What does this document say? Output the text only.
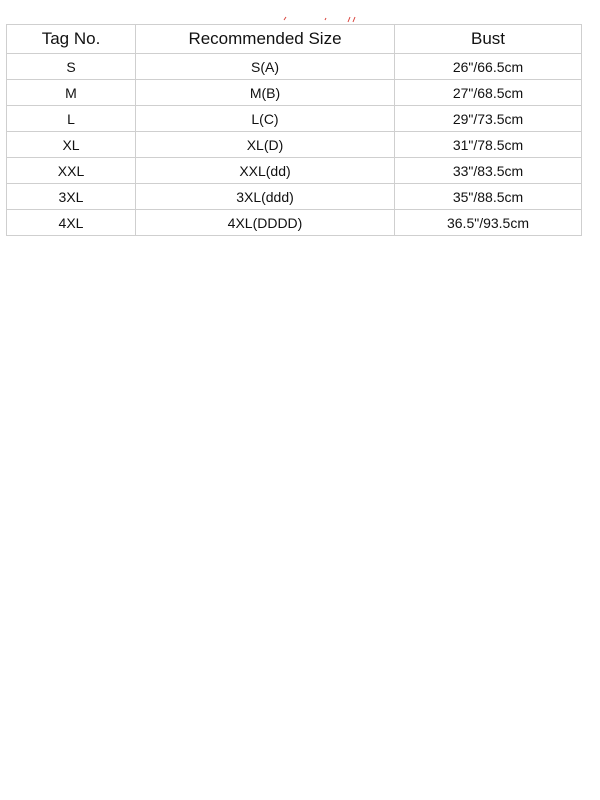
Tag No.	Recommended Size	Bust
S	S(A)	26"/66.5cm
M	M(B)	27"/68.5cm
L	L(C)	29"/73.5cm
XL	XL(D)	31"/78.5cm
XXL	XXL(dd)	33"/83.5cm
3XL	3XL(ddd)	35"/88.5cm
4XL	4XL(DDDD)	36.5"/93.5cm
